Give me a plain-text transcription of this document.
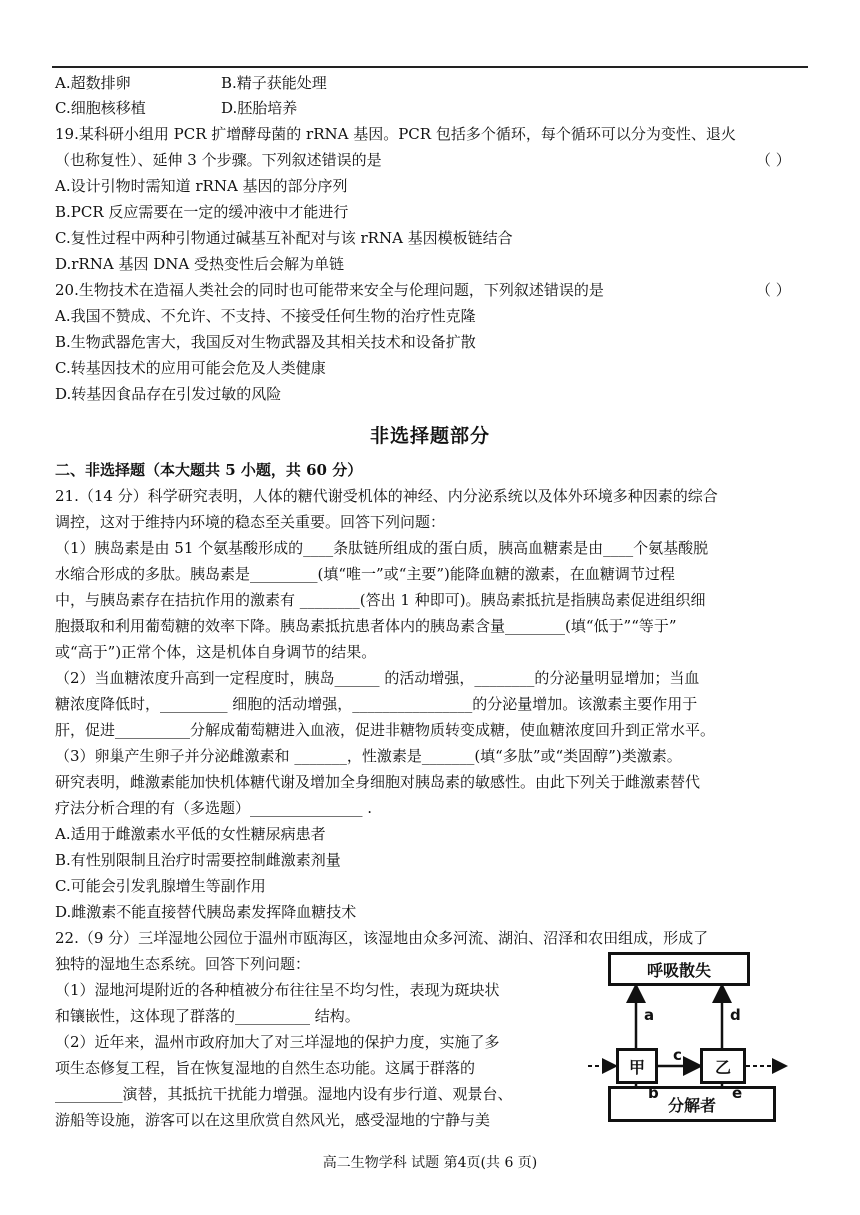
A.超数排卵	B.精子获能处理
C.细胞核移植	D.胚胎培养
19.某科研小组用 PCR 扩增酵母菌的 rRNA 基因。PCR 包括多个循环，每个循环可以分为变性、退火
（也称复性）、延伸 3 个步骤。下列叙述错误的是	（ ）
A.设计引物时需知道 rRNA 基因的部分序列
B.PCR 反应需要在一定的缓冲液中才能进行
C.复性过程中两种引物通过碱基互补配对与该 rRNA 基因模板链结合
D.rRNA 基因 DNA 受热变性后会解为单链
20.生物技术在造福人类社会的同时也可能带来安全与伦理问题，下列叙述错误的是	（ ）
A.我国不赞成、不允许、不支持、不接受任何生物的治疗性克隆
B.生物武器危害大，我国反对生物武器及其相关技术和设备扩散
C.转基因技术的应用可能会危及人类健康
D.转基因食品存在引发过敏的风险
非选择题部分
二、非选择题（本大题共 5 小题，共 60 分）
21.（14 分）科学研究表明，人体的糖代谢受机体的神经、内分泌系统以及体外环境多种因素的综合
调控，这对于维持内环境的稳态至关重要。回答下列问题：
（1）胰岛素是由 51 个氨基酸形成的____条肽链所组成的蛋白质，胰高血糖素是由____个氨基酸脱
水缩合形成的多肽。胰岛素是_________(填“唯一”或“主要”)能降血糖的激素，在血糖调节过程
中，与胰岛素存在拮抗作用的激素有 ________(答出 1 种即可)。胰岛素抵抗是指胰岛素促进组织细
胞摄取和利用葡萄糖的效率下降。胰岛素抵抗患者体内的胰岛素含量________(填“低于”“等于”
或“高于”)正常个体，这是机体自身调节的结果。
（2）当血糖浓度升高到一定程度时，胰岛______ 的活动增强，________的分泌量明显增加；当血
糖浓度降低时，_________ 细胞的活动增强，________________的分泌量增加。该激素主要作用于
肝，促进__________分解成葡萄糖进入血液，促进非糖物质转变成糖，使血糖浓度回升到正常水平。
（3）卵巢产生卵子并分泌雌激素和 _______，性激素是_______(填“多肽”或“类固醇”)类激素。
研究表明，雌激素能加快机体糖代谢及增加全身细胞对胰岛素的敏感性。由此下列关于雌激素替代
疗法分析合理的有（多选题）_______________ .
A.适用于雌激素水平低的女性糖尿病患者
B.有性别限制且治疗时需要控制雌激素剂量
C.可能会引发乳腺增生等副作用
D.雌激素不能直接替代胰岛素发挥降血糖技术
22.（9 分）三垟湿地公园位于温州市瓯海区，该湿地由众多河流、湖泊、沼泽和农田组成，形成了
独特的湿地生态系统。回答下列问题：
（1）湿地河堤附近的各种植被分布往往呈不均匀性，表现为斑块状
和镶嵌性，这体现了群落的__________ 结构。
（2）近年来，温州市政府加大了对三垟湿地的保护力度，实施了多
项生态修复工程，旨在恢复湿地的自然生态功能。这属于群落的
_________演替，其抵抗干扰能力增强。湿地内设有步行道、观景台、
游船等设施，游客可以在这里欣赏自然风光，感受湿地的宁静与美
呼吸散失
甲	乙
分解者
a	d
c
b	e
高二生物学科 试题 第4页(共 6 页)
